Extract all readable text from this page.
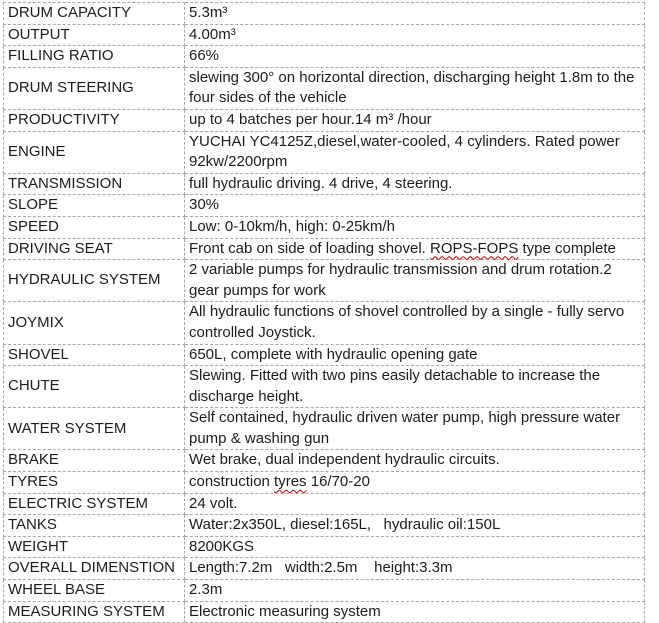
DRUM CAPACITY	5.3m³
OUTPUT	4.00m³
FILLING RATIO	66%
DRUM STEERING	slewing 300° on horizontal direction, discharging height 1.8m to the four sides of the vehicle
PRODUCTIVITY	up to 4 batches per hour.14 m³ /hour
ENGINE	YUCHAI YC4125Z,diesel,water-cooled, 4 cylinders. Rated power 92kw/2200rpm
TRANSMISSION	full hydraulic driving. 4 drive, 4 steering.
SLOPE	30%
SPEED	Low: 0-10km/h, high: 0-25km/h
DRIVING SEAT	Front cab on side of loading shovel. ROPS-FOPS type complete
HYDRAULIC SYSTEM	2 variable pumps for hydraulic transmission and drum rotation.2 gear pumps for work
JOYMIX	All hydraulic functions of shovel controlled by a single - fully servo controlled Joystick.
SHOVEL	650L, complete with hydraulic opening gate
CHUTE	Slewing. Fitted with two pins easily detachable to increase the discharge height.
WATER SYSTEM	Self contained, hydraulic driven water pump, high pressure water pump & washing gun
BRAKE	Wet brake, dual independent hydraulic circuits.
TYRES	construction tyres 16/70-20
ELECTRIC SYSTEM	24 volt.
TANKS	Water:2x350L, diesel:165L,   hydraulic oil:150L
WEIGHT	8200KGS
OVERALL DIMENSTION	Length:7.2m   width:2.5m    height:3.3m
WHEEL BASE	2.3m
MEASURING SYSTEM	Electronic measuring system
